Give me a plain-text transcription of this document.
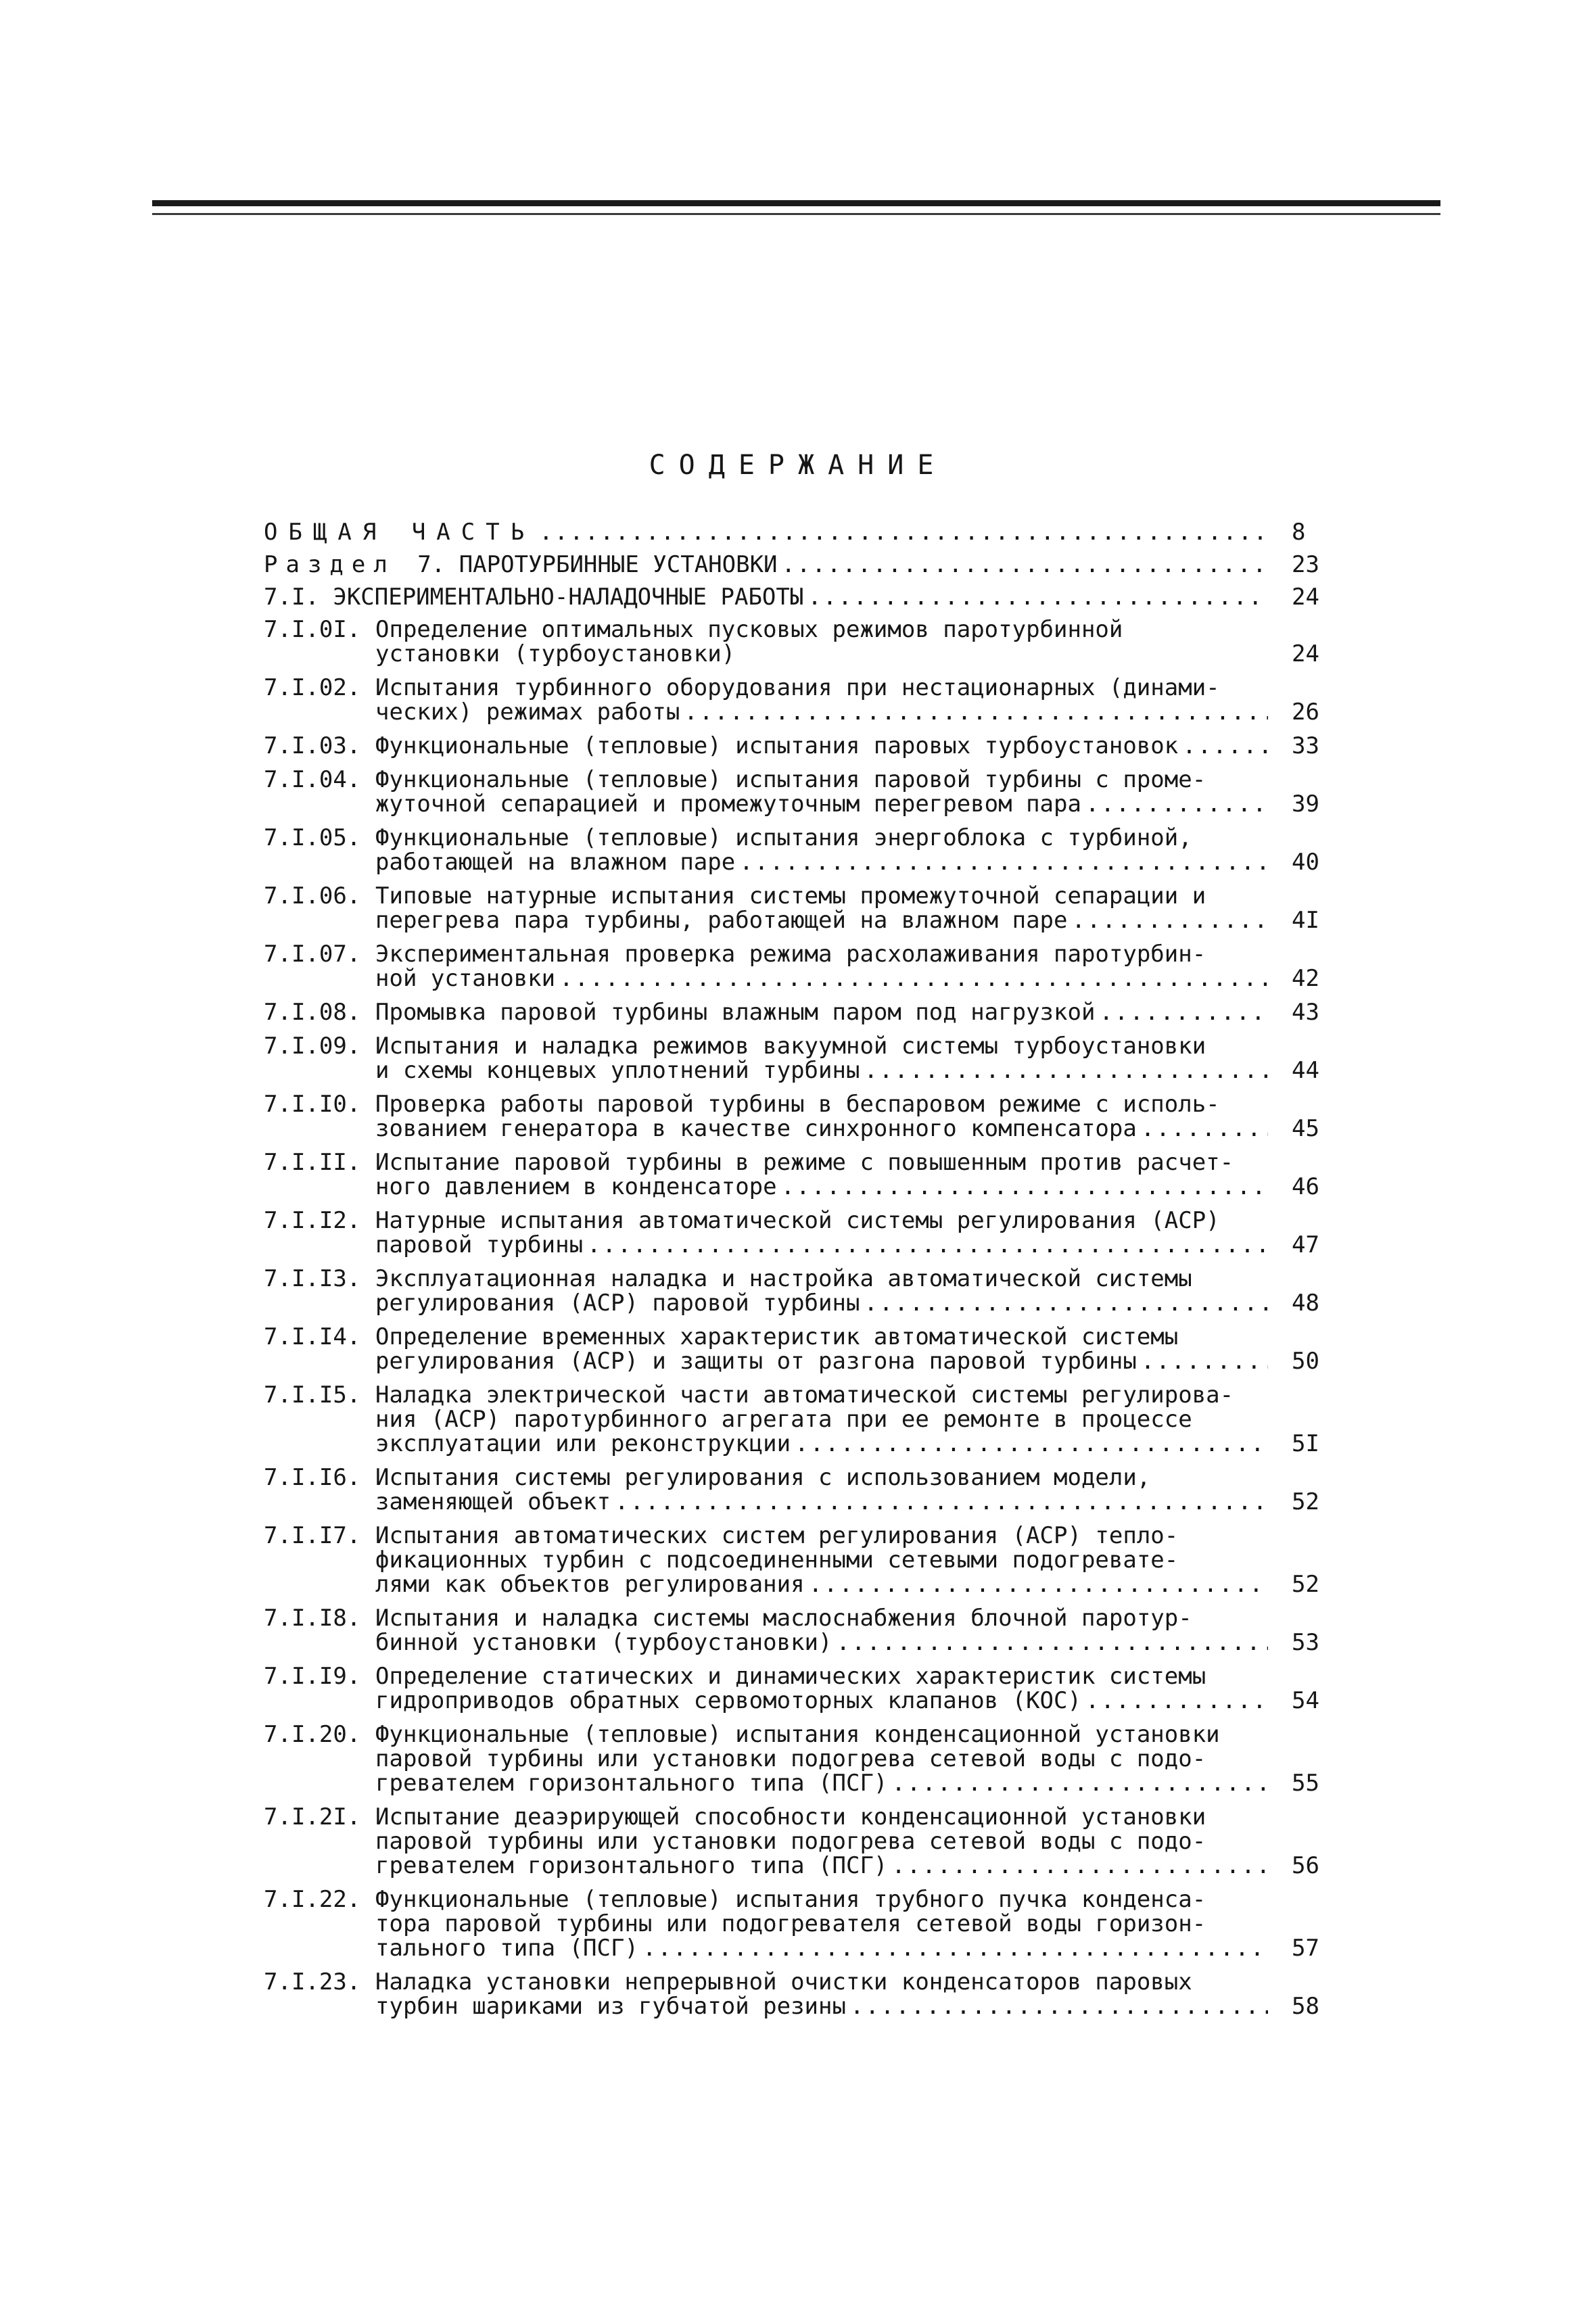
СОДЕРЖАНИЕ
ОБЩАЯ ЧАСТЬ .....	8
Раздел 7. ПАРОТУРБИННЫЕ УСТАНОВКИ .....	23
7.I. ЭКСПЕРИМЕНТАЛЬНО-НАЛАДОЧНЫЕ РАБОТЫ .....	24
7.I.0I. Определение оптимальных пусковых режимов паротурбинной
установки (турбоустановки)	24
7.I.02. Испытания турбинного оборудования при нестационарных (динами-
ческих) режимах работы .....	26
7.I.03. Функциональные (тепловые) испытания паровых турбоустановок .....	33
7.I.04. Функциональные (тепловые) испытания паровой турбины с проме-
жуточной сепарацией и промежуточным перегревом пара .....	39
7.I.05. Функциональные (тепловые) испытания энергоблока с турбиной,
работающей на влажном паре .....	40
7.I.06. Типовые натурные испытания системы промежуточной сепарации и
перегрева пара турбины, работающей на влажном паре .....	4I
7.I.07. Экспериментальная проверка режима расхолаживания паротурбин-
ной установки .....	42
7.I.08. Промывка паровой турбины влажным паром под нагрузкой .....	43
7.I.09. Испытания и наладка режимов вакуумной системы турбоустановки
и схемы концевых уплотнений турбины .....	44
7.I.I0. Проверка работы паровой турбины в беспаровом режиме с исполь-
зованием генератора в качестве синхронного компенсатора .....	45
7.I.II. Испытание паровой турбины в режиме с повышенным против расчет-
ного давлением в конденсаторе .....	46
7.I.I2. Натурные испытания автоматической системы регулирования (АСР)
паровой турбины .....	47
7.I.I3. Эксплуатационная наладка и настройка автоматической системы
регулирования (АСР) паровой турбины .....	48
7.I.I4. Определение временных характеристик автоматической системы
регулирования (АСР) и защиты от разгона паровой турбины .....	50
7.I.I5. Наладка электрической части автоматической системы регулирова-
ния (АСР) паротурбинного агрегата при ее ремонте в процессе
эксплуатации или реконструкции .....	5I
7.I.I6. Испытания системы регулирования с использованием модели,
заменяющей объект .....	52
7.I.I7. Испытания автоматических систем регулирования (АСР) тепло-
фикационных турбин с подсоединенными сетевыми подогревате-
лями как объектов регулирования .....	52
7.I.I8. Испытания и наладка системы маслоснабжения блочной паротур-
бинной установки (турбоустановки) .....	53
7.I.I9. Определение статических и динамических характеристик системы
гидроприводов обратных сервомоторных клапанов (КОС) .....	54
7.I.20. Функциональные (тепловые) испытания конденсационной установки
паровой турбины или установки подогрева сетевой воды с подо-
гревателем горизонтального типа (ПСГ) .....	55
7.I.2I. Испытание деаэрирующей способности конденсационной установки
паровой турбины или установки подогрева сетевой воды с подо-
гревателем горизонтального типа (ПСГ) .....	56
7.I.22. Функциональные (тепловые) испытания трубного пучка конденса-
тора паровой турбины или подогревателя сетевой воды горизон-
тального типа (ПСГ) .....	57
7.I.23. Наладка установки непрерывной очистки конденсаторов паровых
турбин шариками из губчатой резины .....	58
